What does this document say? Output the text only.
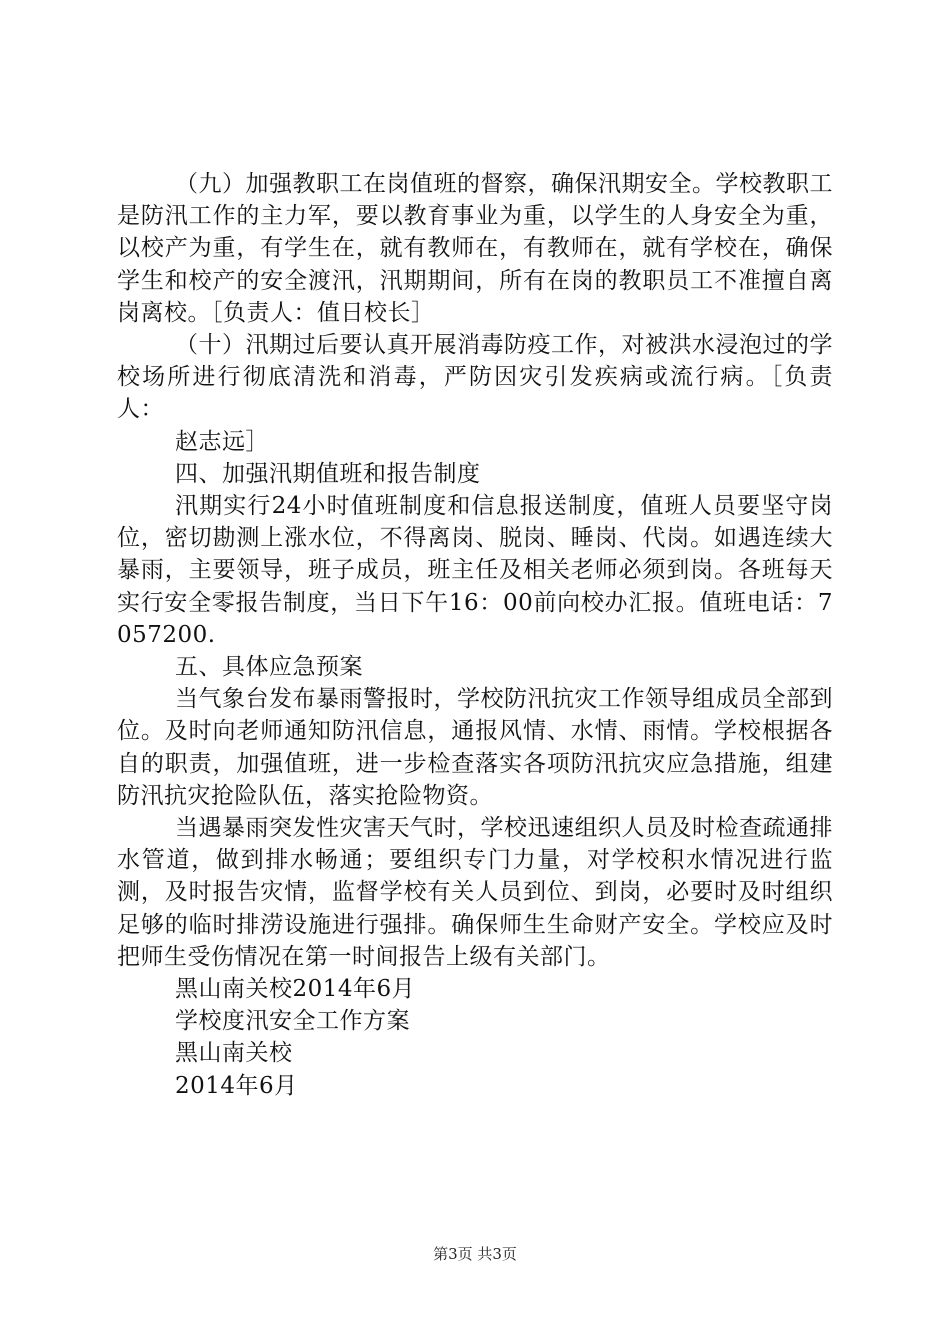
（九）加强教职工在岗值班的督察，确保汛期安全。学校教职工是防汛工作的主力军，要以教育事业为重，以学生的人身安全为重，以校产为重，有学生在，就有教师在，有教师在，就有学校在，确保学生和校产的安全渡汛，汛期期间，所有在岗的教职员工不准擅自离岗离校。［负责人：值日校长］

（十）汛期过后要认真开展消毒防疫工作，对被洪水浸泡过的学校场所进行彻底清洗和消毒，严防因灾引发疾病或流行病。［负责人：

赵志远］

四、加强汛期值班和报告制度

汛期实行24小时值班制度和信息报送制度，值班人员要坚守岗位，密切勘测上涨水位，不得离岗、脱岗、睡岗、代岗。如遇连续大暴雨，主要领导，班子成员，班主任及相关老师必须到岗。各班每天实行安全零报告制度，当日下午16：00前向校办汇报。值班电话：7057200.

五、具体应急预案

当气象台发布暴雨警报时，学校防汛抗灾工作领导组成员全部到位。及时向老师通知防汛信息，通报风情、水情、雨情。学校根据各自的职责，加强值班，进一步检查落实各项防汛抗灾应急措施，组建防汛抗灾抢险队伍，落实抢险物资。

当遇暴雨突发性灾害天气时，学校迅速组织人员及时检查疏通排水管道，做到排水畅通；要组织专门力量，对学校积水情况进行监测，及时报告灾情，监督学校有关人员到位、到岗，必要时及时组织足够的临时排涝设施进行强排。确保师生生命财产安全。学校应及时把师生受伤情况在第一时间报告上级有关部门。

黑山南关校2014年6月

学校度汛安全工作方案

黑山南关校

2014年6月

第3页 共3页
